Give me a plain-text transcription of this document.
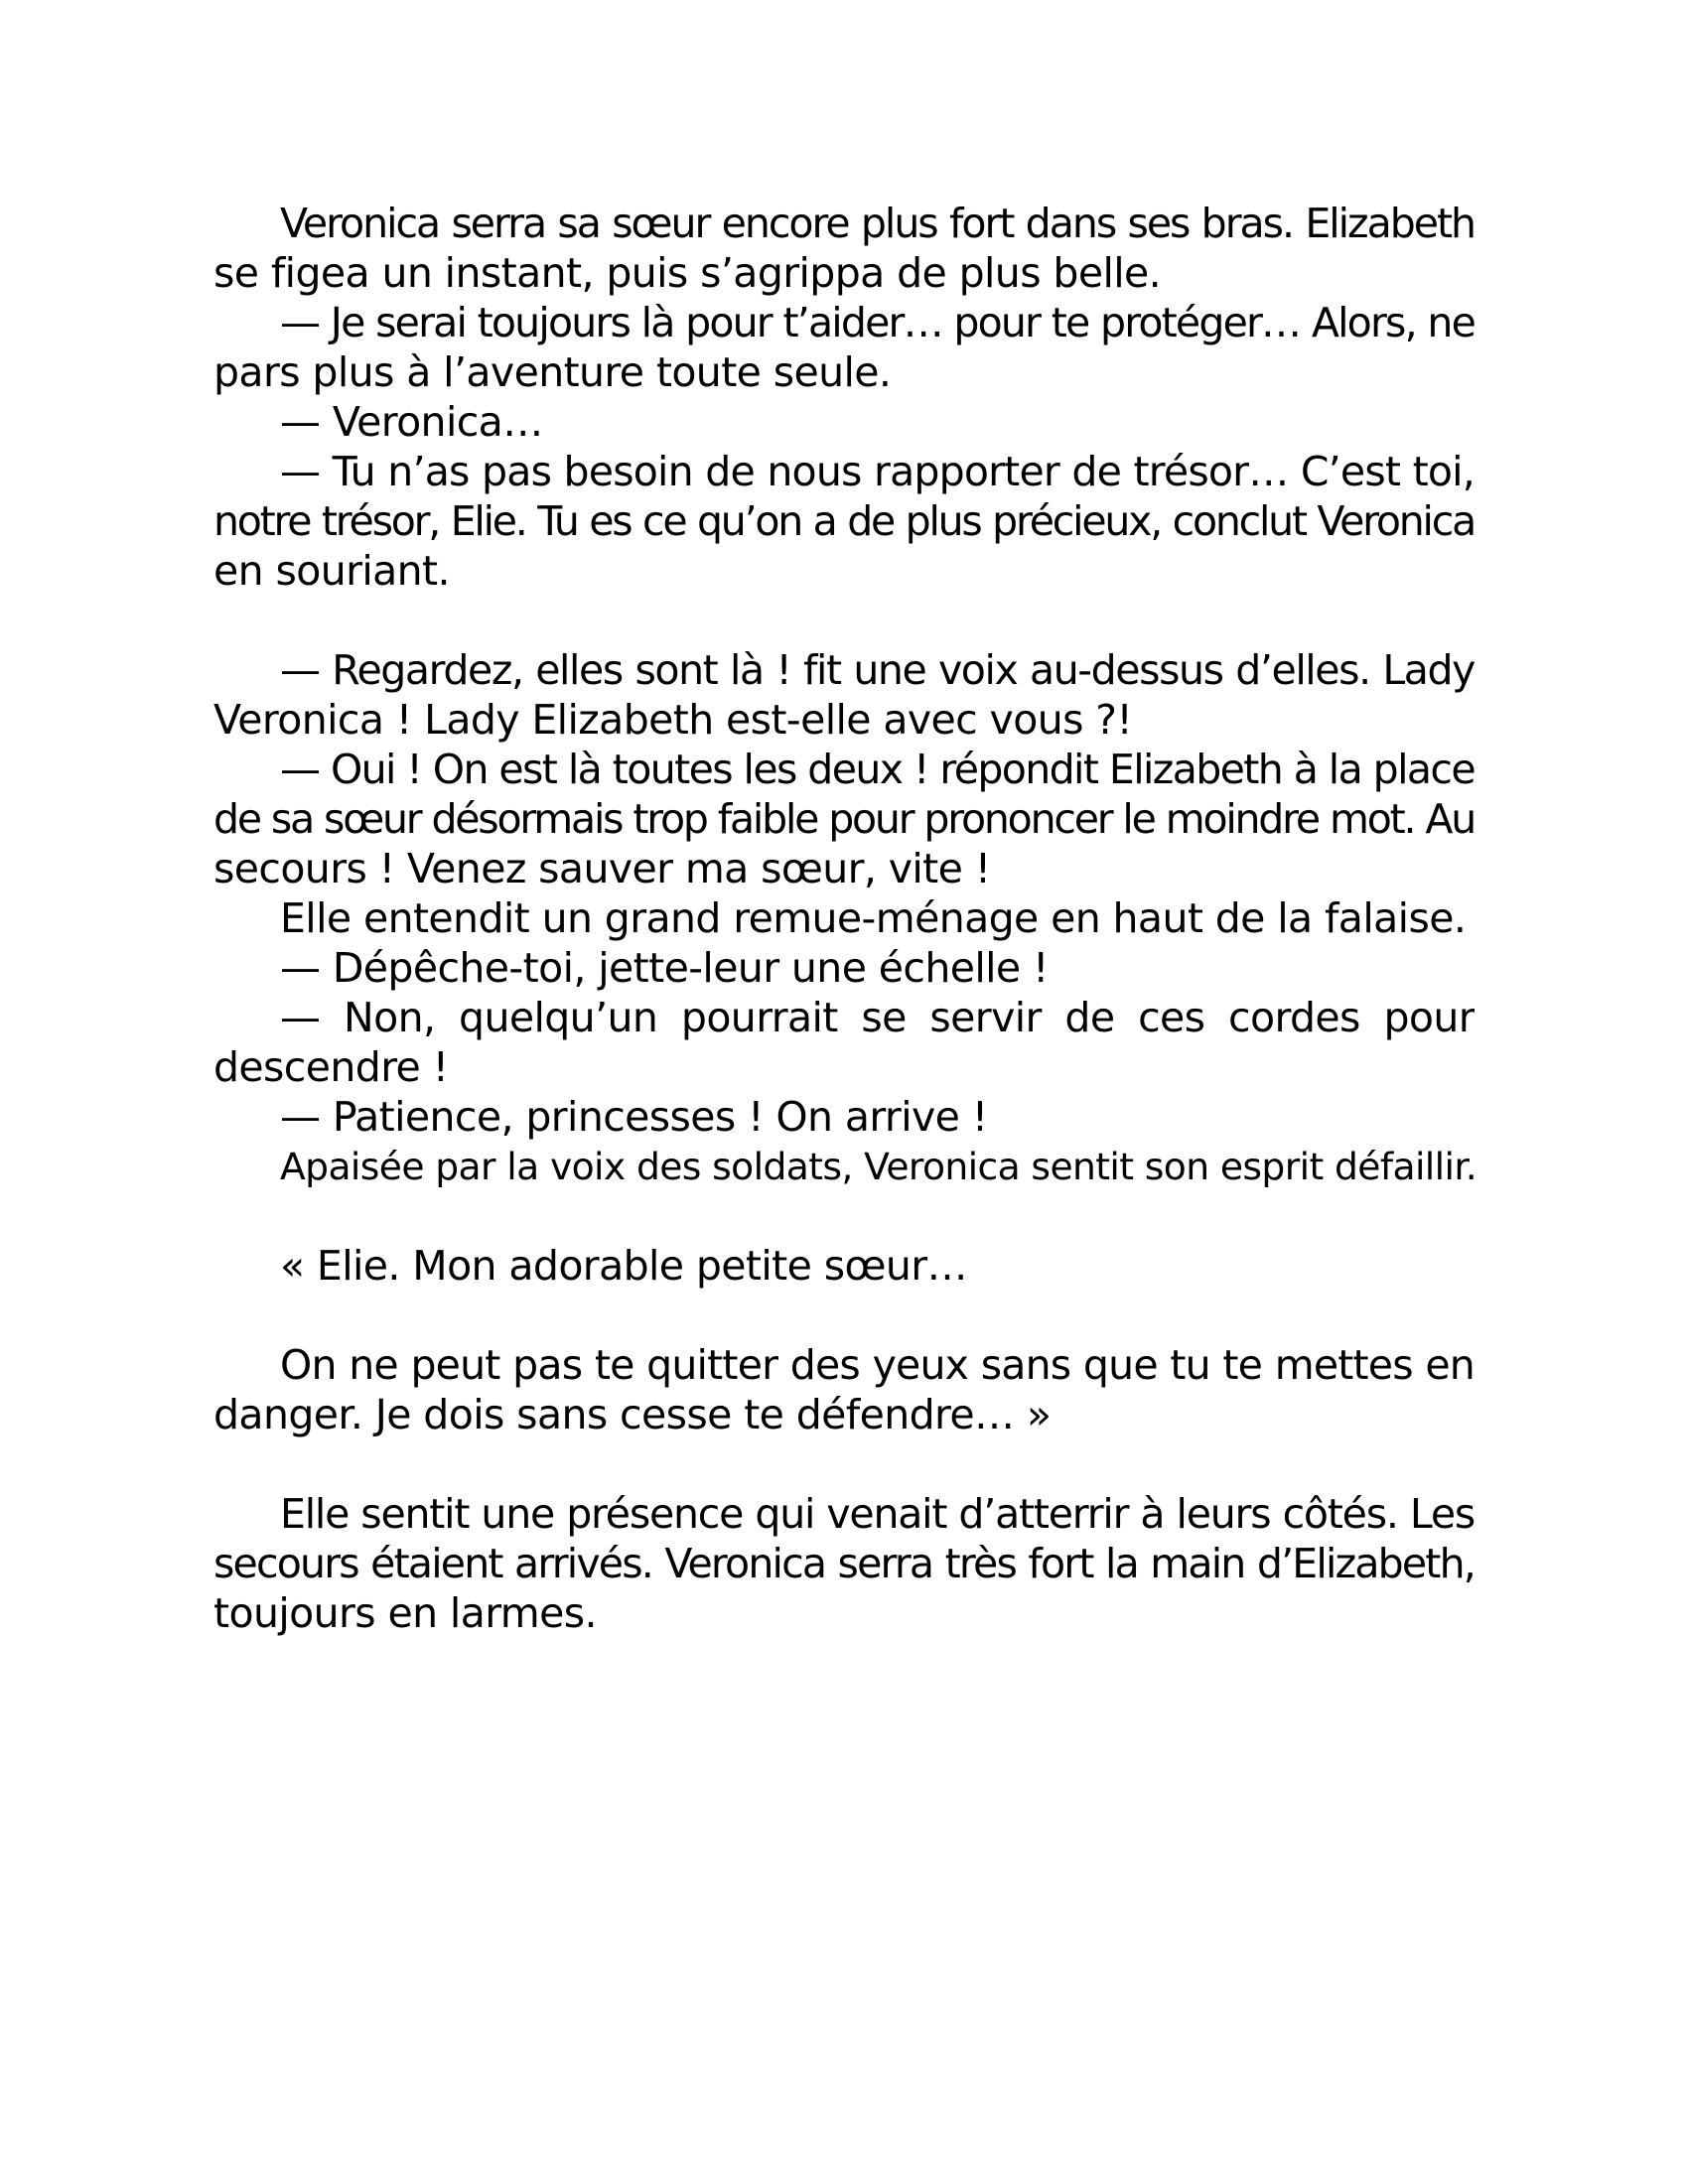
Veronica serra sa sœur encore plus fort dans ses bras. Elizabeth
se figea un instant, puis s’agrippa de plus belle.
— Je serai toujours là pour t’aider… pour te protéger… Alors, ne
pars plus à l’aventure toute seule.
— Veronica…
— Tu n’as pas besoin de nous rapporter de trésor… C’est toi,
notre trésor, Elie. Tu es ce qu’on a de plus précieux, conclut Veronica
en souriant.
— Regardez, elles sont là ! fit une voix au-dessus d’elles. Lady
Veronica ! Lady Elizabeth est-elle avec vous ?!
— Oui ! On est là toutes les deux ! répondit Elizabeth à la place
de sa sœur désormais trop faible pour prononcer le moindre mot. Au
secours ! Venez sauver ma sœur, vite !
Elle entendit un grand remue-ménage en haut de la falaise.
— Dépêche-toi, jette-leur une échelle !
— Non, quelqu’un pourrait se servir de ces cordes pour
descendre !
— Patience, princesses ! On arrive !
Apaisée par la voix des soldats, Veronica sentit son esprit défaillir.
« Elie. Mon adorable petite sœur…
On ne peut pas te quitter des yeux sans que tu te mettes en
danger. Je dois sans cesse te défendre… »
Elle sentit une présence qui venait d’atterrir à leurs côtés. Les
secours étaient arrivés. Veronica serra très fort la main d’Elizabeth,
toujours en larmes.
